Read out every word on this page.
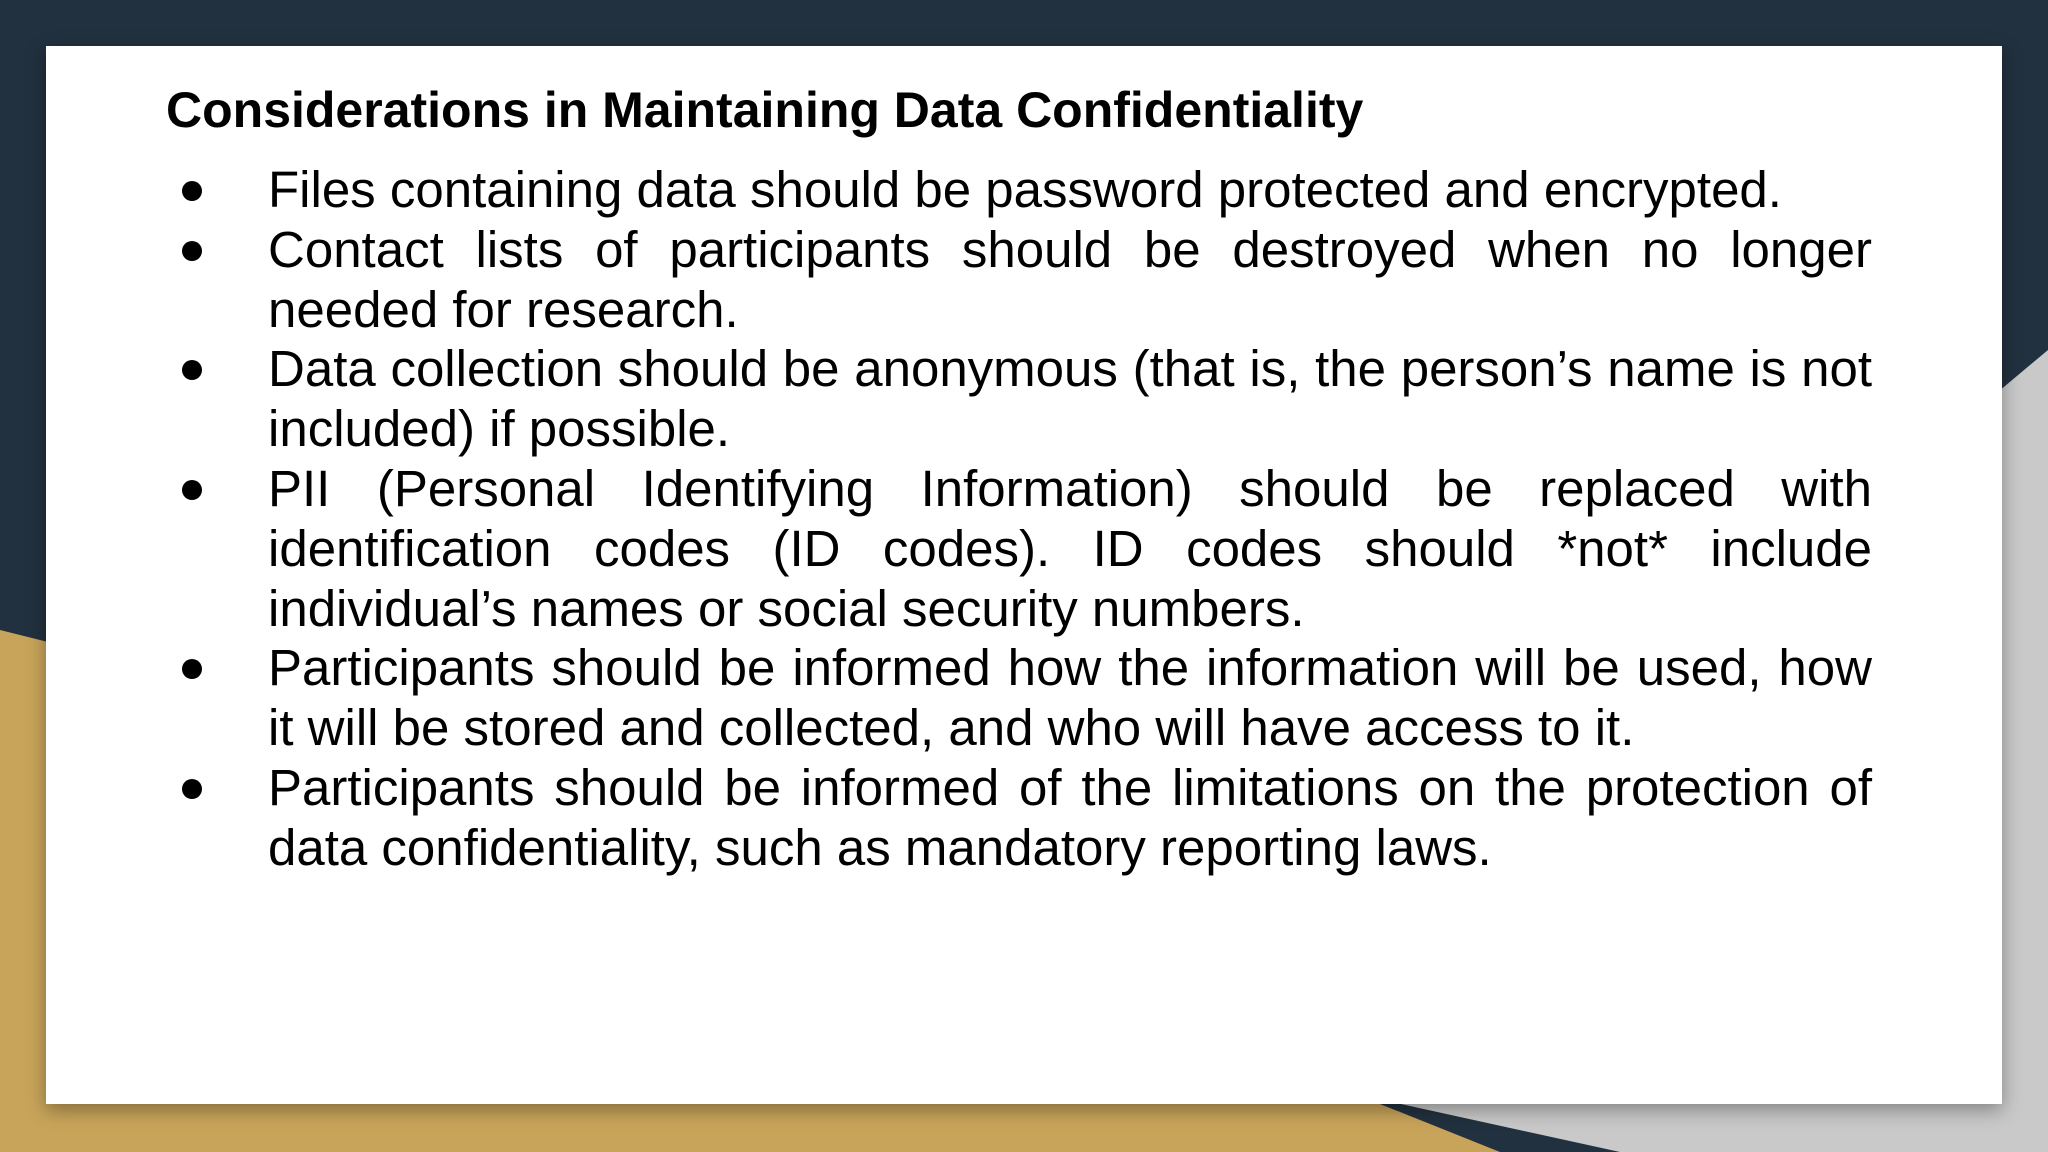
Considerations in Maintaining Data Confidentiality
Files containing data should be password protected and encrypted.
Contact lists of participants should be destroyed when no longer needed for research.
Data collection should be anonymous (that is, the person’s name is not included) if possible.
PII (Personal Identifying Information) should be replaced with identification codes (ID codes). ID codes should *not* include individual’s names or social security numbers.
Participants should be informed how the information will be used, how it will be stored and collected, and who will have access to it.
Participants should be informed of the limitations on the protection of data confidentiality, such as mandatory reporting laws.
